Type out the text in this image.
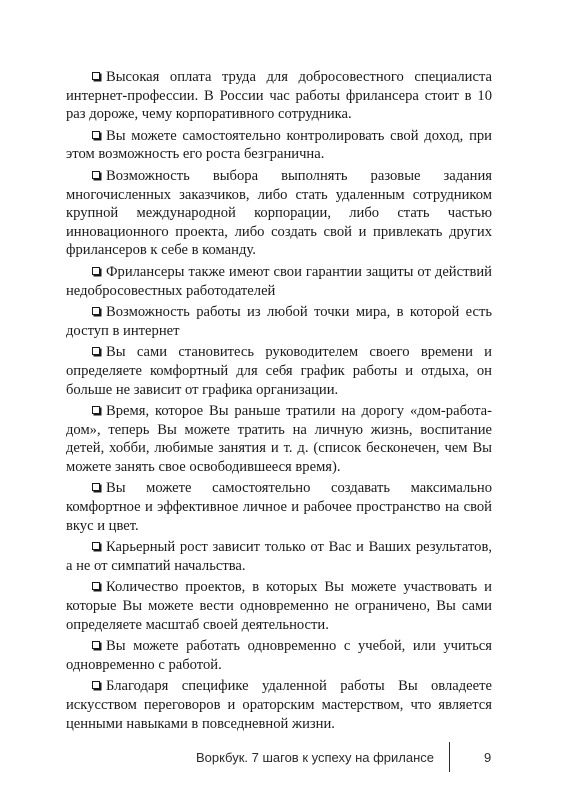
Высокая оплата труда для добросовестного специалиста интернет-профессии. В России час работы фрилансера стоит в 10 раз дороже, чему корпоративного сотрудника.

Вы можете самостоятельно контролировать свой доход, при этом возможность его роста безгранична.

Возможность выбора выполнять разовые задания многочисленных заказчиков, либо стать удаленным сотрудником крупной международной корпорации, либо стать частью инновационного проекта, либо создать свой и привлекать других фрилансеров к себе в команду.

Фрилансеры также имеют свои гарантии защиты от действий недобросовестных работодателей

Возможность работы из любой точки мира, в которой есть доступ в интернет

Вы сами становитесь руководителем своего времени и определяете комфортный для себя график работы и отдыха, он больше не зависит от графика организации.

Время, которое Вы раньше тратили на дорогу «дом-работа-дом», теперь Вы можете тратить на личную жизнь, воспитание детей, хобби, любимые занятия и т. д. (список бесконечен, чем Вы можете занять свое освободившееся время).

Вы можете самостоятельно создавать максимально комфортное и эффективное личное и рабочее пространство на свой вкус и цвет.

Карьерный рост зависит только от Вас и Ваших результатов, а не от симпатий начальства.

Количество проектов, в которых Вы можете участвовать и которые Вы можете вести одновременно не ограничено, Вы сами определяете масштаб своей деятельности.

Вы можете работать одновременно с учебой, или учиться одновременно с работой.

Благодаря специфике удаленной работы Вы овладеете искусством переговоров и ораторским мастерством, что является ценными навыками в повседневной жизни.

Воркбук. 7 шагов к успеху на фрилансе	9
